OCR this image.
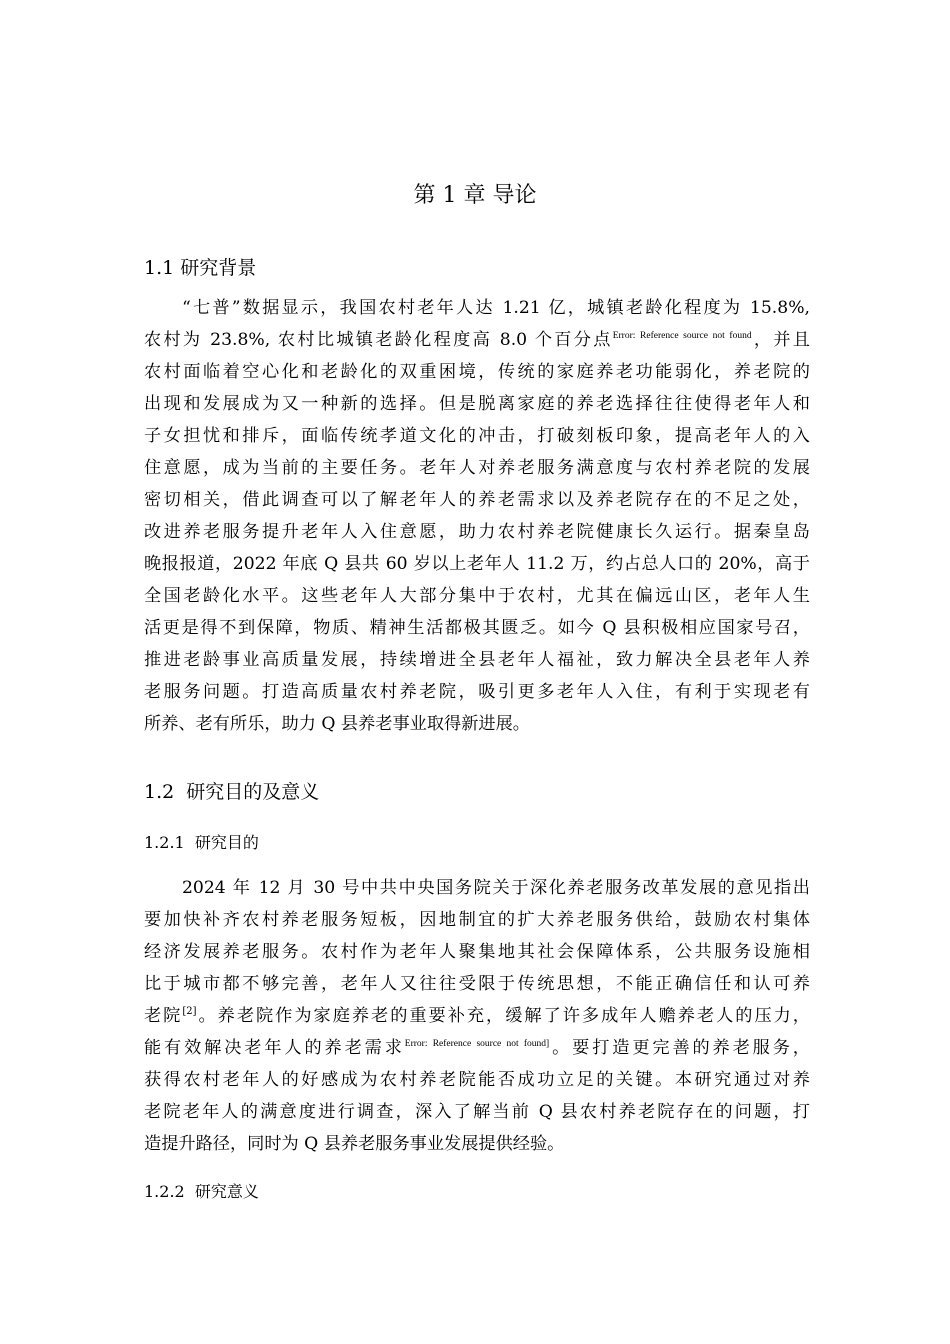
第 1 章 导论
1.1 研究背景
“七普”数据显示，我国农村老年人达 1.21 亿，城镇老龄化程度为 15.8%,
农村为 23.8%, 农村比城镇老龄化程度高 8.0 个百分点$^{Error: Reference source not found}$，并且
农村面临着空心化和老龄化的双重困境，传统的家庭养老功能弱化，养老院的
出现和发展成为又一种新的选择。但是脱离家庭的养老选择往往使得老年人和
子女担忧和排斥，面临传统孝道文化的冲击，打破刻板印象，提高老年人的入
住意愿，成为当前的主要任务。老年人对养老服务满意度与农村养老院的发展
密切相关，借此调查可以了解老年人的养老需求以及养老院存在的不足之处，
改进养老服务提升老年人入住意愿，助力农村养老院健康长久运行。据秦皇岛
晚报报道，2022 年底 Q 县共 60 岁以上老年人 11.2 万，约占总人口的 20%，高于
全国老龄化水平。这些老年人大部分集中于农村，尤其在偏远山区，老年人生
活更是得不到保障，物质、精神生活都极其匮乏。如今 Q 县积极相应国家号召，
推进老龄事业高质量发展，持续增进全县老年人福祉，致力解决全县老年人养
老服务问题。打造高质量农村养老院，吸引更多老年人入住，有利于实现老有
所养、老有所乐，助力 Q 县养老事业取得新进展。
1.2  研究目的及意义
1.2.1  研究目的
2024 年 12 月 30 号中共中央国务院关于深化养老服务改革发展的意见指出
要加快补齐农村养老服务短板，因地制宜的扩大养老服务供给，鼓励农村集体
经济发展养老服务。农村作为老年人聚集地其社会保障体系，公共服务设施相
比于城市都不够完善，老年人又往往受限于传统思想，不能正确信任和认可养
老院[2]。养老院作为家庭养老的重要补充，缓解了许多成年人赡养老人的压力，
能有效解决老年人的养老需求$^{Error: Reference source not found]}$。要打造更完善的养老服务，
获得农村老年人的好感成为农村养老院能否成功立足的关键。本研究通过对养
老院老年人的满意度进行调查，深入了解当前 Q 县农村养老院存在的问题，打
造提升路径，同时为 Q 县养老服务事业发展提供经验。
1.2.2  研究意义
